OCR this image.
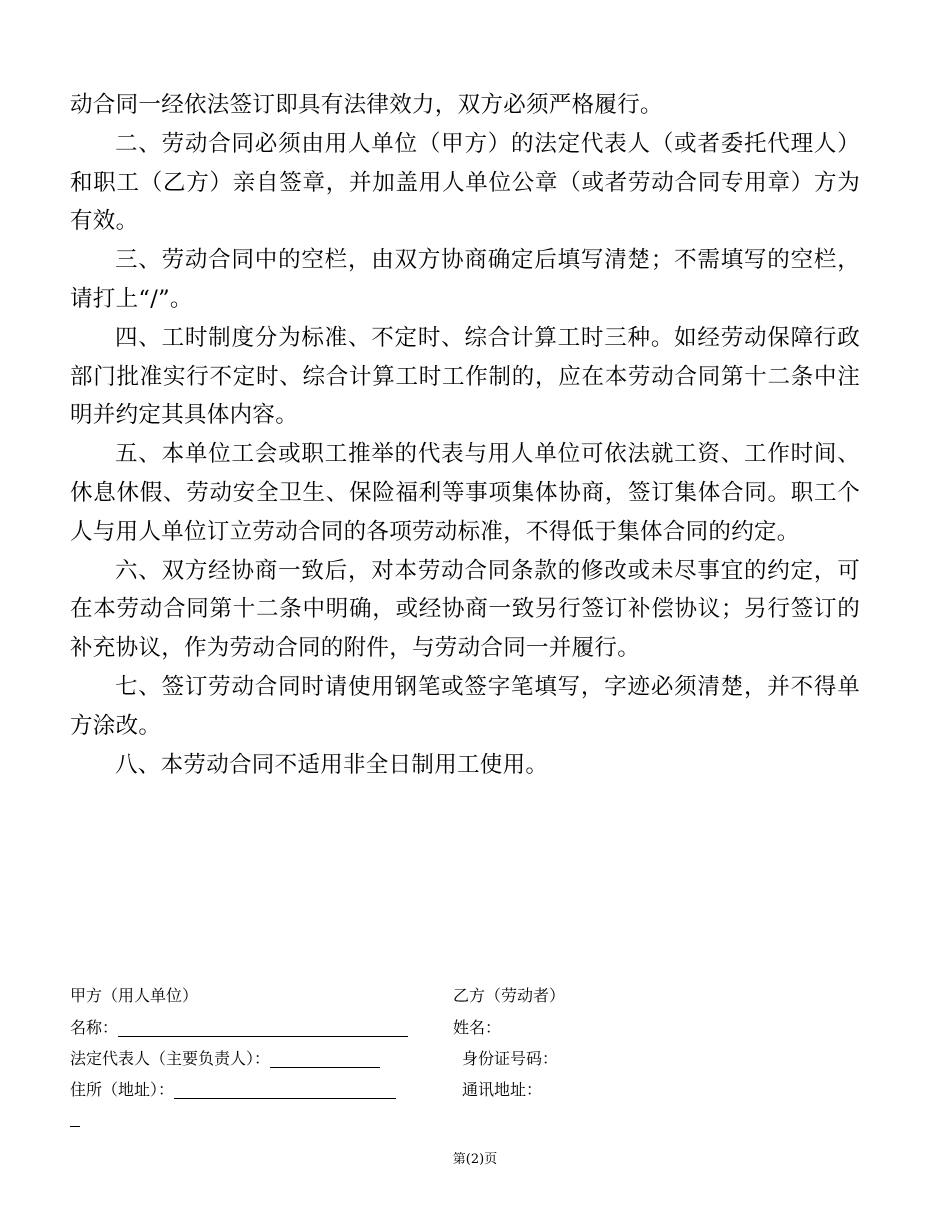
动合同一经依法签订即具有法律效力，双方必须严格履行。

二、劳动合同必须由用人单位（甲方）的法定代表人（或者委托代理人）和职工（乙方）亲自签章，并加盖用人单位公章（或者劳动合同专用章）方为有效。

三、劳动合同中的空栏，由双方协商确定后填写清楚；不需填写的空栏，请打上“/”。

四、工时制度分为标准、不定时、综合计算工时三种。如经劳动保障行政部门批准实行不定时、综合计算工时工作制的，应在本劳动合同第十二条中注明并约定其具体内容。

五、本单位工会或职工推举的代表与用人单位可依法就工资、工作时间、休息休假、劳动安全卫生、保险福利等事项集体协商，签订集体合同。职工个人与用人单位订立劳动合同的各项劳动标准，不得低于集体合同的约定。

六、双方经协商一致后，对本劳动合同条款的修改或未尽事宜的约定，可在本劳动合同第十二条中明确，或经协商一致另行签订补偿协议；另行签订的补充协议，作为劳动合同的附件，与劳动合同一并履行。

七、签订劳动合同时请使用钢笔或签字笔填写，字迹必须清楚，并不得单方涂改。

八、本劳动合同不适用非全日制用工使用。

甲方（用人单位）
名称：
法定代表人（主要负责人）：
住所（地址）：
乙方（劳动者）
姓名：
身份证号码：
通讯地址：
第(2)页
